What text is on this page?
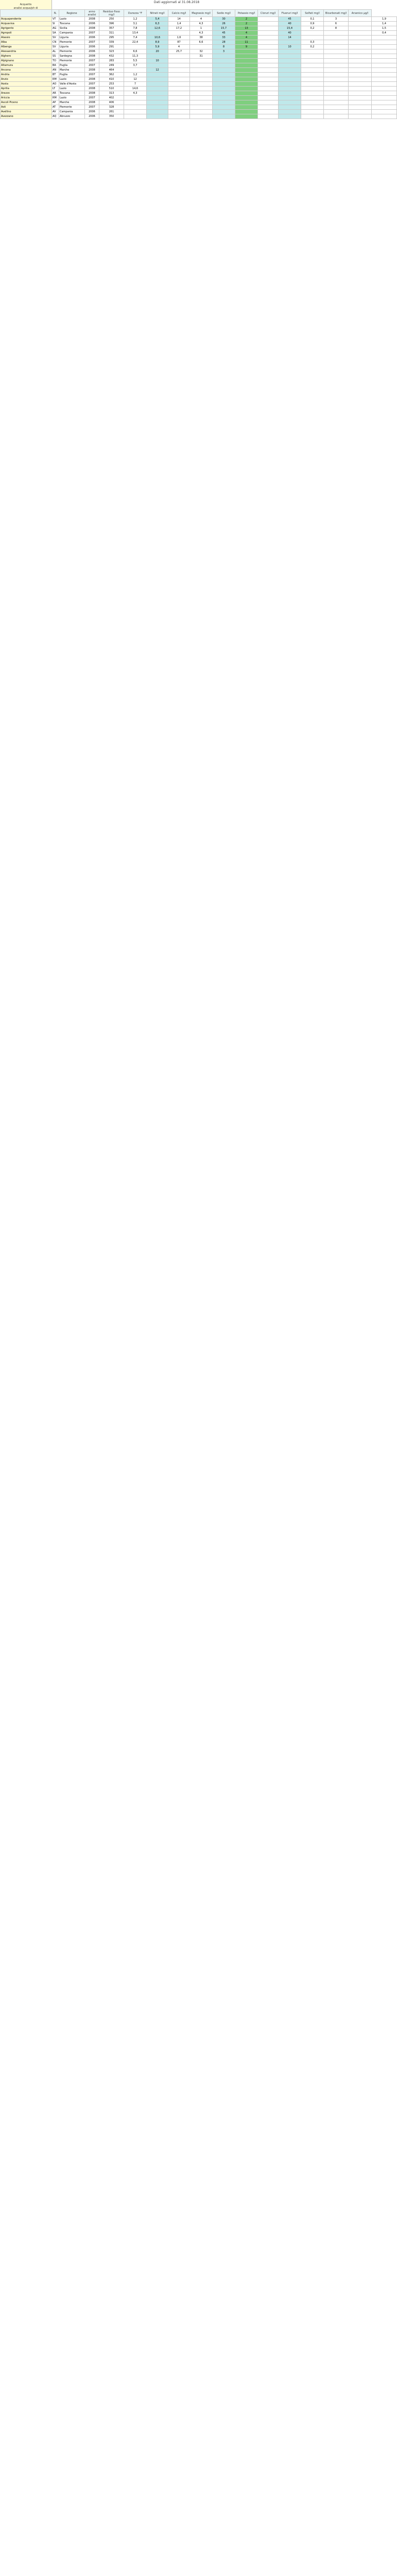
Acqueitis
analisi acqua/ph di
Dati aggiornati al 31.08.2018
	N.	Regione	anno analisi	Residuo fisso mg/l	Durezza °F	Nitrati mg/l	Calcio mg/l	Magnesio mg/l	Sodio mg/l	Potassio mg/l	Cloruri mg/l	Fluoruri mg/l	Solfati mg/l	Bicarbonati mg/l	Arsenico µg/l	
Acquapendente	VT	Lazio	2008	250	1,2	5,4	14	4	30	2		45	0,1	3		1,9
Acquaviva	SI	Toscana	2006	396	3,1	6,3	1,4	4,3	26	2		40	0,9	6		1,4
Agrigento	AG	Sicilia	2008	357	7,8	12,6	17,2	1	15,7	13		15,4	0,2	8		1,5
Agropoli	SA	Campania	2007	311	13,4			4,3	45	4		40				0,4
Alassio	SV	Liguria	2006	295	7,4	10,6	1,6	38	33	4		14				
Alba	CN	Piemonte	2007	339	22,4	8,9	87	6,6	28	11			0,3			
Albenga	SV	Liguria	2006	291		5,9	4		8	9		10	0,2			
Alessandria	AL	Piemonte	2006	323	6,6	20	25,7	32	3							
Alghero	SS	Sardegna	2008	432	11,3			31								
Alpignano	TO	Piemonte	2007	283	5,5	10										
Altamura	BA	Puglia	2007	249	3,7											
Ancona	AN	Marche	2008	464		12										
Andria	BT	Puglia	2007	362	1,2											
Anzio	RM	Lazio	2008	410	12											
Aosta	AO	Valle d'Aosta	2007	253	7											
Aprilia	LT	Lazio	2008	510	14,6											
Arezzo	AR	Toscana	2008	313	4,3											
Ariccia	RM	Lazio	2007	402												
Ascoli Piceno	AP	Marche	2008	406												
Asti	AT	Piemonte	2007	328												
Avellino	AV	Campania	2006	261												
Avezzano	AQ	Abruzzo	2006	350												
